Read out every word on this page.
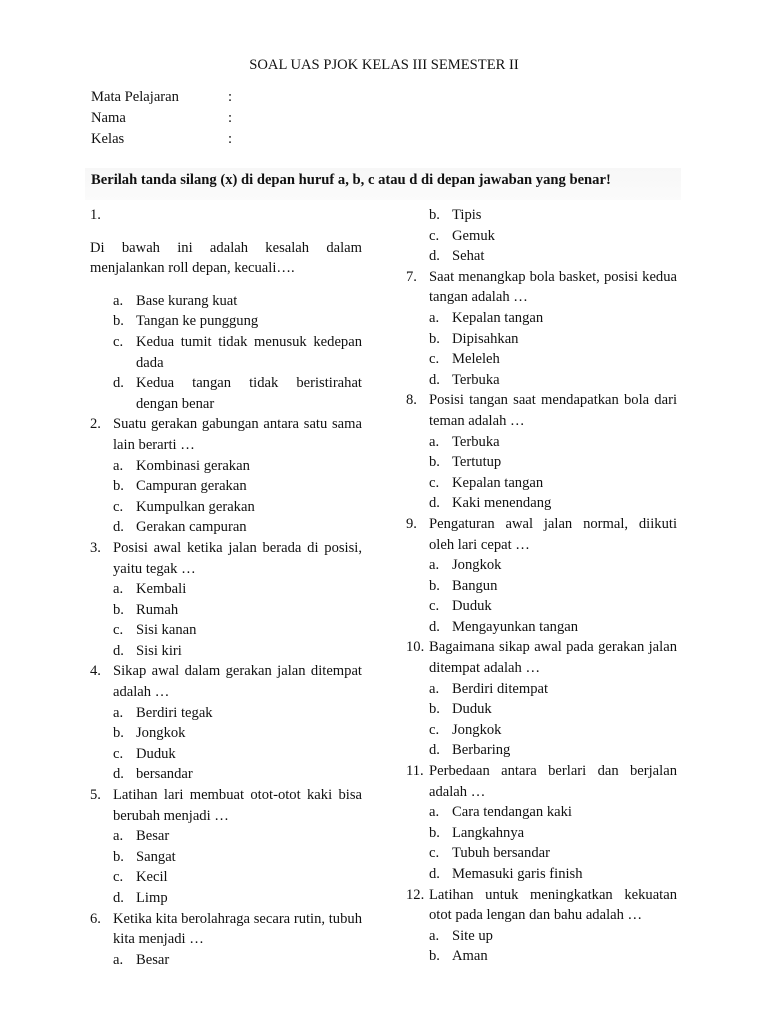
SOAL UAS PJOK KELAS III SEMESTER II
Mata Pelajaran	:
Nama	:
Kelas	:
Berilah tanda silang (x) di depan huruf a, b, c atau d di depan jawaban yang benar!
1.
Di bawah ini adalah kesalah dalam menjalankan roll depan, kecuali….
a. Base kurang kuat
b. Tangan ke punggung
c. Kedua tumit tidak menusuk kedepan dada
d. Kedua tangan tidak beristirahat dengan benar
2. Suatu gerakan gabungan antara satu sama lain berarti …
a. Kombinasi gerakan
b. Campuran gerakan
c. Kumpulkan gerakan
d. Gerakan campuran
3. Posisi awal ketika jalan berada di posisi, yaitu tegak …
a. Kembali
b. Rumah
c. Sisi kanan
d. Sisi kiri
4. Sikap awal dalam gerakan jalan ditempat adalah …
a. Berdiri tegak
b. Jongkok
c. Duduk
d. bersandar
5. Latihan lari membuat otot-otot kaki bisa berubah menjadi …
a. Besar
b. Sangat
c. Kecil
d. Limp
6. Ketika kita berolahraga secara rutin, tubuh kita menjadi …
a. Besar
b. Tipis
c. Gemuk
d. Sehat
7. Saat menangkap bola basket, posisi kedua tangan adalah …
a. Kepalan tangan
b. Dipisahkan
c. Meleleh
d. Terbuka
8. Posisi tangan saat mendapatkan bola dari teman adalah …
a. Terbuka
b. Tertutup
c. Kepalan tangan
d. Kaki menendang
9. Pengaturan awal jalan normal, diikuti oleh lari cepat …
a. Jongkok
b. Bangun
c. Duduk
d. Mengayunkan tangan
10. Bagaimana sikap awal pada gerakan jalan ditempat adalah …
a. Berdiri ditempat
b. Duduk
c. Jongkok
d. Berbaring
11. Perbedaan antara berlari dan berjalan adalah …
a. Cara tendangan kaki
b. Langkahnya
c. Tubuh bersandar
d. Memasuki garis finish
12. Latihan untuk meningkatkan kekuatan otot pada lengan dan bahu adalah …
a. Site up
b. Aman
